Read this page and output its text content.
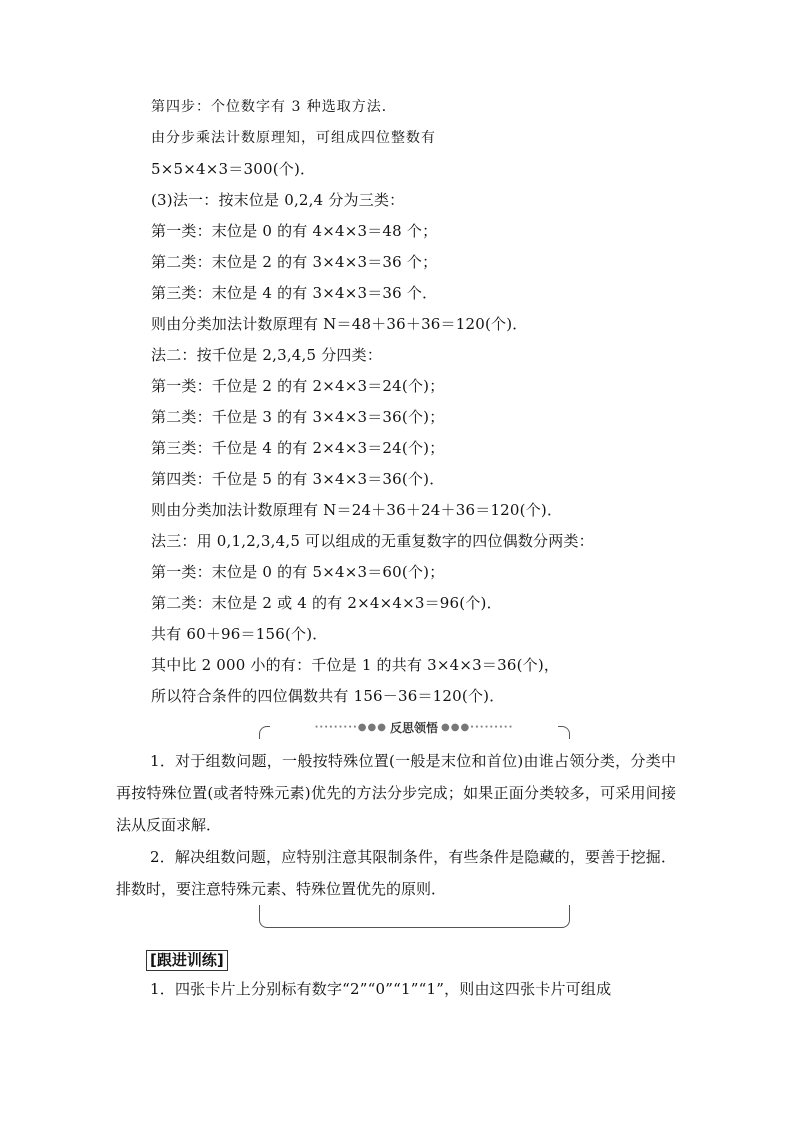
第四步：个位数字有 3 种选取方法．
由分步乘法计数原理知，可组成四位整数有
5×5×4×3＝300(个)．
(3)法一：按末位是 0,2,4 分为三类：
第一类：末位是 0 的有 4×4×3＝48 个；
第二类：末位是 2 的有 3×4×3＝36 个；
第三类：末位是 4 的有 3×4×3＝36 个．
则由分类加法计数原理有 N＝48＋36＋36＝120(个)．
法二：按千位是 2,3,4,5 分四类：
第一类：千位是 2 的有 2×4×3＝24(个)；
第二类：千位是 3 的有 3×4×3＝36(个)；
第三类：千位是 4 的有 2×4×3＝24(个)；
第四类：千位是 5 的有 3×4×3＝36(个)．
则由分类加法计数原理有 N＝24＋36＋24＋36＝120(个)．
法三：用 0,1,2,3,4,5 可以组成的无重复数字的四位偶数分两类：
第一类：末位是 0 的有 5×4×3＝60(个)；
第二类：末位是 2 或 4 的有 2×4×4×3＝96(个)．
共有 60＋96＝156(个)．
其中比 2 000 小的有：千位是 1 的共有 3×4×3＝36(个)，
所以符合条件的四位偶数共有 156－36＝120(个)．
·········●●● 反思领悟 ●●●·········
1．对于组数问题，一般按特殊位置(一般是末位和首位)由谁占领分类，分类中再按特殊位置(或者特殊元素)优先的方法分步完成；如果正面分类较多，可采用间接法从反面求解．
2．解决组数问题，应特别注意其限制条件，有些条件是隐藏的，要善于挖掘．排数时，要注意特殊元素、特殊位置优先的原则．
[跟进训练]
1．四张卡片上分别标有数字“2”“0”“1”“1”，则由这四张卡片可组成
